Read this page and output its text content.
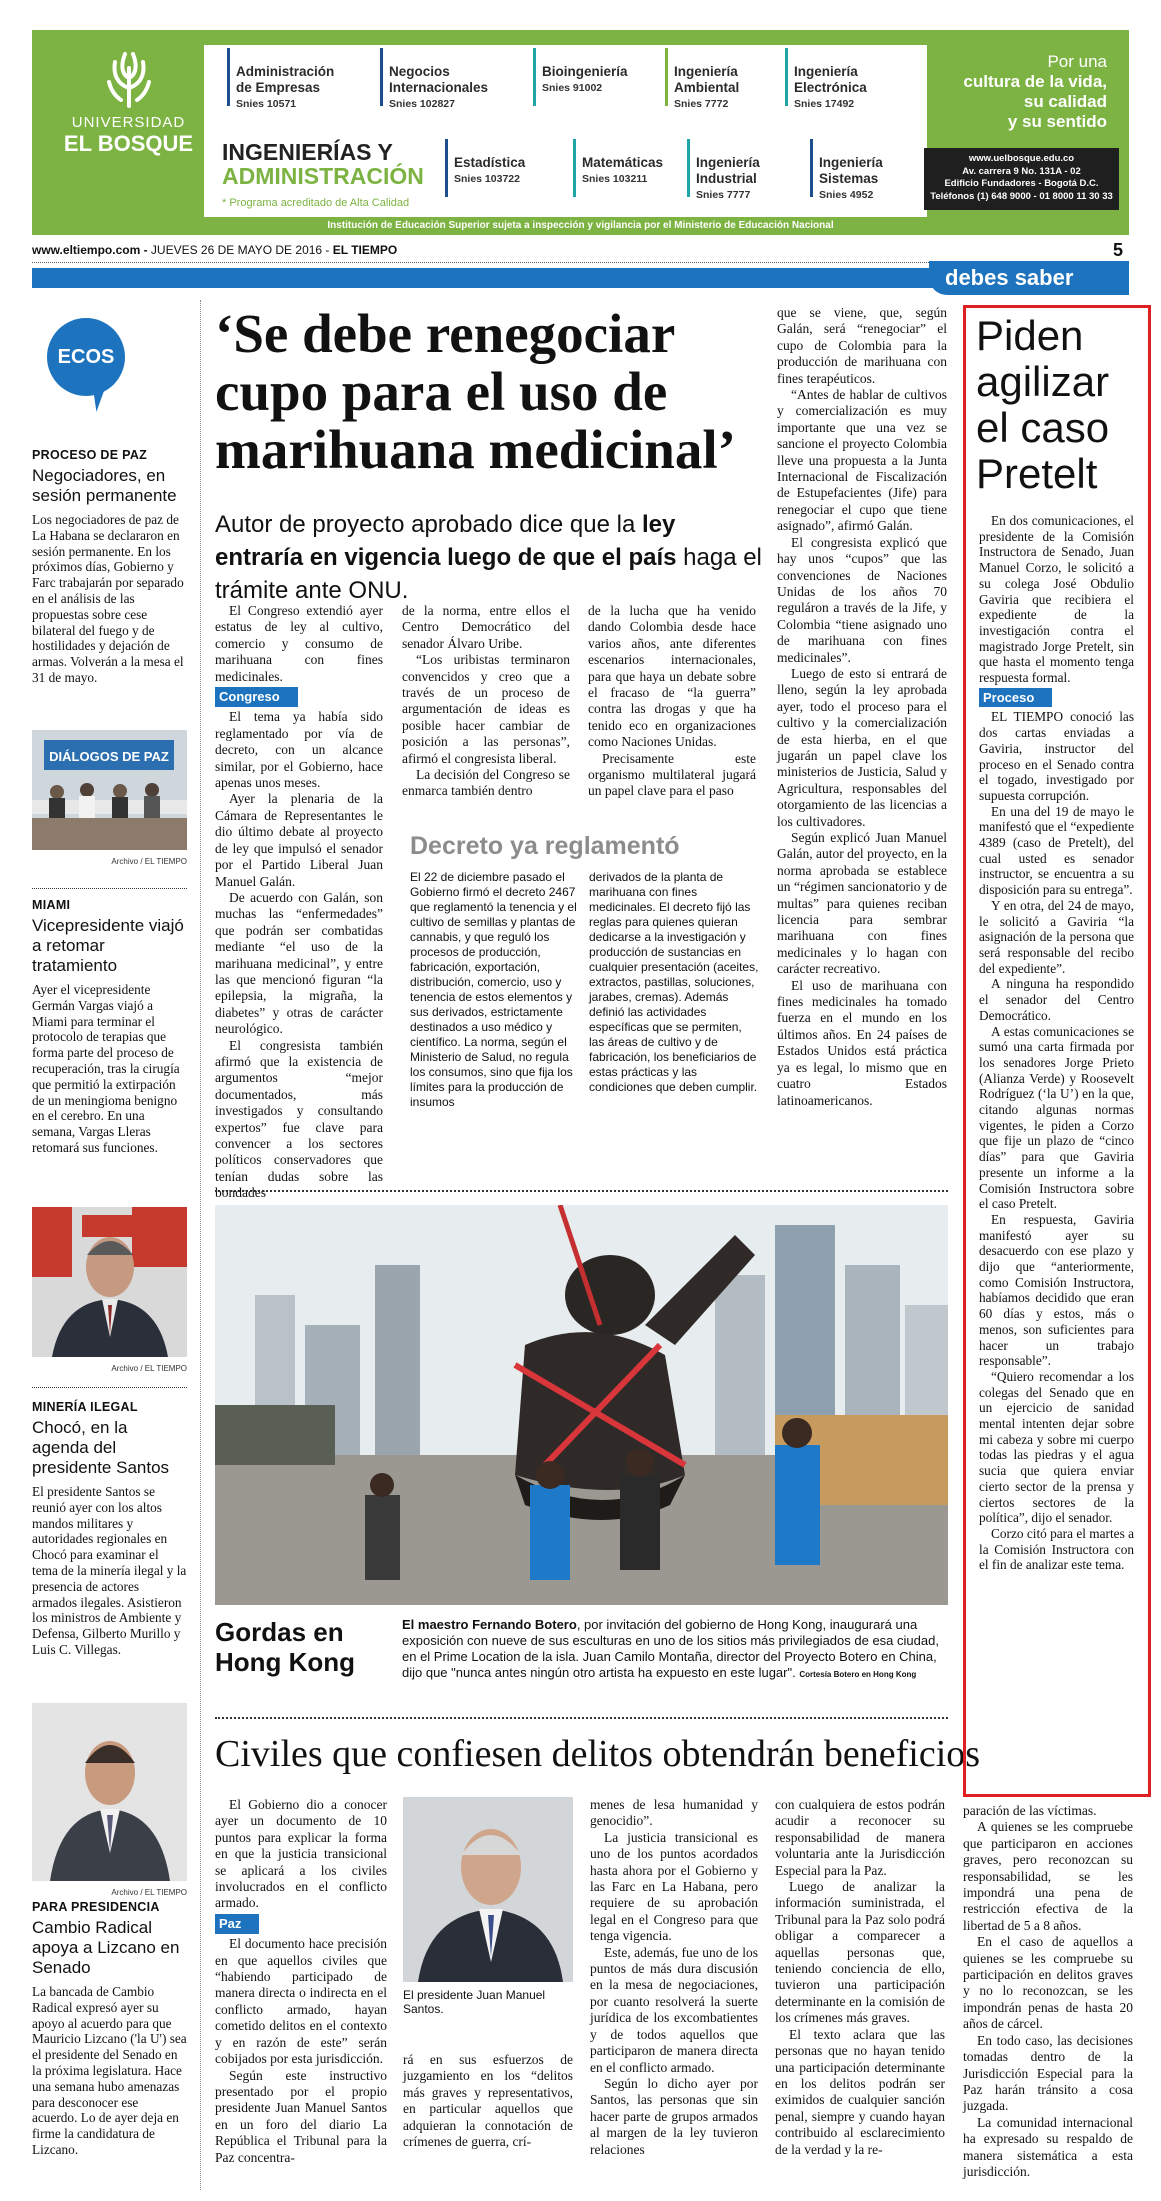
UNIVERSIDAD
EL BOSQUE
Administración de Empresas
Snies 10571
Negocios Internacionales
Snies 102827
Bioingeniería
Snies 91002
Ingeniería Ambiental
Snies 7772
Ingeniería Electrónica
Snies 17492
Estadística
Snies 103722
Matemáticas
Snies 103211
Ingeniería Industrial
Snies 7777
Ingeniería Sistemas
Snies 4952
INGENIERÍAS Y
ADMINISTRACIÓN
* Programa acreditado de Alta Calidad
Por una
cultura de la vida,
su calidad
y su sentido
www.uelbosque.edu.co
Av. carrera 9 No. 131A - 02
Edificio Fundadores - Bogotá D.C.
Teléfonos (1) 648 9000 - 01 8000 11 30 33
Institución de Educación Superior sujeta a inspección y vigilancia por el Ministerio de Educación Nacional
www.eltiempo.com - JUEVES 26 DE MAYO DE 2016 - EL TIEMPO	5
debes saber
ECOS
PROCESO DE PAZ
Negociadores, en sesión permanente
Los negociadores de paz de La Habana se declararon en sesión permanente. En los próximos días, Gobierno y Farc trabajarán por separado en el análisis de las propuestas sobre cese bilateral del fuego y de hostilidades y dejación de armas. Volverán a la mesa el 31 de mayo.
DIÁLOGOS DE PAZ
Archivo / EL TIEMPO
MIAMI
Vicepresidente viajó a retomar tratamiento
Ayer el vicepresidente Germán Vargas viajó a Miami para terminar el protocolo de terapias que forma parte del proceso de recuperación, tras la cirugía que permitió la extirpación de un meningioma benigno en el cerebro. En una semana, Vargas Lleras retomará sus funciones.
Archivo / EL TIEMPO
MINERÍA ILEGAL
Chocó, en la agenda del presidente Santos
El presidente Santos se reunió ayer con los altos mandos militares y autoridades regionales en Chocó para examinar el tema de la minería ilegal y la presencia de actores armados ilegales. Asistieron los ministros de Ambiente y Defensa, Gilberto Murillo y Luis C. Villegas.
Archivo / EL TIEMPO
PARA PRESIDENCIA
Cambio Radical apoya a Lizcano en Senado
La bancada de Cambio Radical expresó ayer su apoyo al acuerdo para que Mauricio Lizcano ('la U') sea el presidente del Senado en la próxima legislatura. Hace una semana hubo amenazas para desconocer ese acuerdo. Lo de ayer deja en firme la candidatura de Lizcano.
‘Se debe renegociar cupo para el uso de marihuana medicinal’
Autor de proyecto aprobado dice que la ley entraría en vigencia luego de que el país haga el trámite ante ONU.

El Congreso extendió ayer estatus de ley al cultivo, comercio y consumo de marihuana con fines medicinales.

Congreso

El tema ya había sido reglamentado por vía de decreto, con un alcance similar, por el Gobierno, hace apenas unos meses.

Ayer la plenaria de la Cámara de Representantes le dio último debate al proyecto de ley que impulsó el senador por el Partido Liberal Juan Manuel Galán.

De acuerdo con Galán, son muchas las “enfermedades” que podrán ser combatidas mediante “el uso de la marihuana medicinal”, y entre las que mencionó figuran “la epilepsia, la migraña, la diabetes” y otras de carácter neurológico.

El congresista también afirmó que la existencia de argumentos “mejor documentados, más investigados y consultando expertos” fue clave para convencer a los sectores políticos conservadores que tenían dudas sobre las bondades

de la norma, entre ellos el Centro Democrático del senador Álvaro Uribe.

“Los uribistas terminaron convencidos y creo que a través de un proceso de argumentación de ideas es posible hacer cambiar de posición a las personas”, afirmó el congresista liberal.

La decisión del Congreso se enmarca también dentro

de la lucha que ha venido dando Colombia desde hace varios años, ante diferentes escenarios internacionales, para que haya un debate sobre el fracaso de “la guerra” contra las drogas y que ha tenido eco en organizaciones como Naciones Unidas.

Precisamente este organismo multilateral jugará un papel clave para el paso

que se viene, que, según Galán, será “renegociar” el cupo de Colombia para la producción de marihuana con fines terapéuticos.

“Antes de hablar de cultivos y comercialización es muy importante que una vez se sancione el proyecto Colombia lleve una propuesta a la Junta Internacional de Fiscalización de Estupefacientes (Jife) para renegociar el cupo que tiene asignado”, afirmó Galán.

El congresista explicó que hay unos “cupos” que las convenciones de Naciones Unidas de los años 70 reguláron a través de la Jife, y Colombia “tiene asignado uno de marihuana con fines medicinales”.

Luego de esto si entrará de lleno, según la ley aprobada ayer, todo el proceso para el cultivo y la comercialización de esta hierba, en el que jugarán un papel clave los ministerios de Justicia, Salud y Agricultura, responsables del otorgamiento de las licencias a los cultivadores.

Según explicó Juan Manuel Galán, autor del proyecto, en la norma aprobada se establece un “régimen sancionatorio y de multas” para quienes reciban licencia para sembrar marihuana con fines medicinales y lo hagan con carácter recreativo.

El uso de marihuana con fines medicinales ha tomado fuerza en el mundo en los últimos años. En 24 países de Estados Unidos está práctica ya es legal, lo mismo que en cuatro Estados latinoamericanos.

Decreto ya reglamentó
El 22 de diciembre pasado el Gobierno firmó el decreto 2467 que reglamentó la tenencia y el cultivo de semillas y plantas de cannabis, y que reguló los procesos de producción, fabricación, exportación, distribución, comercio, uso y tenencia de estos elementos y sus derivados, estrictamente destinados a uso médico y científico. La norma, según el Ministerio de Salud, no regula los consumos, sino que fija los límites para la producción de insumos
derivados de la planta de marihuana con fines medicinales. El decreto fijó las reglas para quienes quieran dedicarse a la investigación y producción de sustancias en cualquier presentación (aceites, extractos, pastillas, soluciones, jarabes, cremas). Además definió las actividades específicas que se permiten, las áreas de cultivo y de fabricación, los beneficiarios de estas prácticas y las condiciones que deben cumplir.
Gordas en Hong Kong
El maestro Fernando Botero, por invitación del gobierno de Hong Kong, inaugurará una exposición con nueve de sus esculturas en uno de los sitios más privilegiados de esa ciudad, en el Prime Location de la isla. Juan Camilo Montaña, director del Proyecto Botero en China, dijo que "nunca antes ningún otro artista ha expuesto en este lugar". Cortesía Botero en Hong Kong
Civiles que confiesen delitos obtendrán beneficios

El Gobierno dio a conocer ayer un documento de 10 puntos para explicar la forma en que la justicia transicional se aplicará a los civiles involucrados en el conflicto armado.

Paz

El documento hace precisión en que aquellos civiles que “habiendo participado de manera directa o indirecta en el conflicto armado, hayan cometido delitos en el contexto y en razón de este” serán cobijados por esta jurisdicción.

Según este instructivo presentado por el propio presidente Juan Manuel Santos en un foro del diario La República el Tribunal para la Paz concentra-

El presidente Juan Manuel Santos.

rá en sus esfuerzos de juzgamiento en los “delitos más graves y representativos, en particular aquellos que adquieran la connotación de crímenes de guerra, crí-

menes de lesa humanidad y genocidio”.

La justicia transicional es uno de los puntos acordados hasta ahora por el Gobierno y las Farc en La Habana, pero requiere de su aprobación legal en el Congreso para que tenga vigencia.

Este, además, fue uno de los puntos de más dura discusión en la mesa de negociaciones, por cuanto resolverá la suerte jurídica de los excombatientes y de todos aquellos que participaron de manera directa en el conflicto armado.

Según lo dicho ayer por Santos, las personas que sin hacer parte de grupos armados al margen de la ley tuvieron relaciones

con cualquiera de estos podrán acudir a reconocer su responsabilidad de manera voluntaria ante la Jurisdicción Especial para la Paz.

Luego de analizar la información suministrada, el Tribunal para la Paz solo podrá obligar a comparecer a aquellas personas que, teniendo conciencia de ello, tuvieron una participación determinante en la comisión de los crímenes más graves.

El texto aclara que las personas que no hayan tenido una participación determinante en los delitos podrán ser eximidos de cualquier sanción penal, siempre y cuando hayan contribuido al esclarecimiento de la verdad y la re-

paración de las víctimas.

A quienes se les compruebe que participaron en acciones graves, pero reconozcan su responsabilidad, se les impondrá una pena de restricción efectiva de la libertad de 5 a 8 años.

En el caso de aquellos a quienes se les compruebe su participación en delitos graves y no lo reconozcan, se les impondrán penas de hasta 20 años de cárcel.

En todo caso, las decisiones tomadas dentro de la Jurisdicción Especial para la Paz harán tránsito a cosa juzgada.

La comunidad internacional ha expresado su respaldo de manera sistemática a esta jurisdicción.

Piden agilizar el caso Pretelt

En dos comunicaciones, el presidente de la Comisión Instructora de Senado, Juan Manuel Corzo, le solicitó a su colega José Obdulio Gaviria que recibiera el expediente de la investigación contra el magistrado Jorge Pretelt, sin que hasta el momento tenga respuesta formal.

Proceso

EL TIEMPO conoció las dos cartas enviadas a Gaviria, instructor del proceso en el Senado contra el togado, investigado por supuesta corrupción.

En una del 19 de mayo le manifestó que el “expediente 4389 (caso de Pretelt), del cual usted es senador instructor, se encuentra a su disposición para su entrega”.

Y en otra, del 24 de mayo, le solicitó a Gaviria “la asignación de la persona que será responsable del recibo del expediente”.

A ninguna ha respondido el senador del Centro Democrático.

A estas comunicaciones se sumó una carta firmada por los senadores Jorge Prieto (Alianza Verde) y Roosevelt Rodríguez (‘la U’) en la que, citando algunas normas vigentes, le piden a Corzo que fije un plazo de “cinco días” para que Gaviria presente un informe a la Comisión Instructora sobre el caso Pretelt.

En respuesta, Gaviria manifestó ayer su desacuerdo con ese plazo y dijo que “anteriormente, como Comisión Instructora, habíamos decidido que eran 60 días y estos, más o menos, son suficientes para hacer un trabajo responsable”.

“Quiero recomendar a los colegas del Senado que en un ejercicio de sanidad mental intenten dejar sobre mi cabeza y sobre mi cuerpo todas las piedras y el agua sucia que quiera enviar cierto sector de la prensa y ciertos sectores de la política”, dijo el senador.

Corzo citó para el martes a la Comisión Instructora con el fin de analizar este tema.
